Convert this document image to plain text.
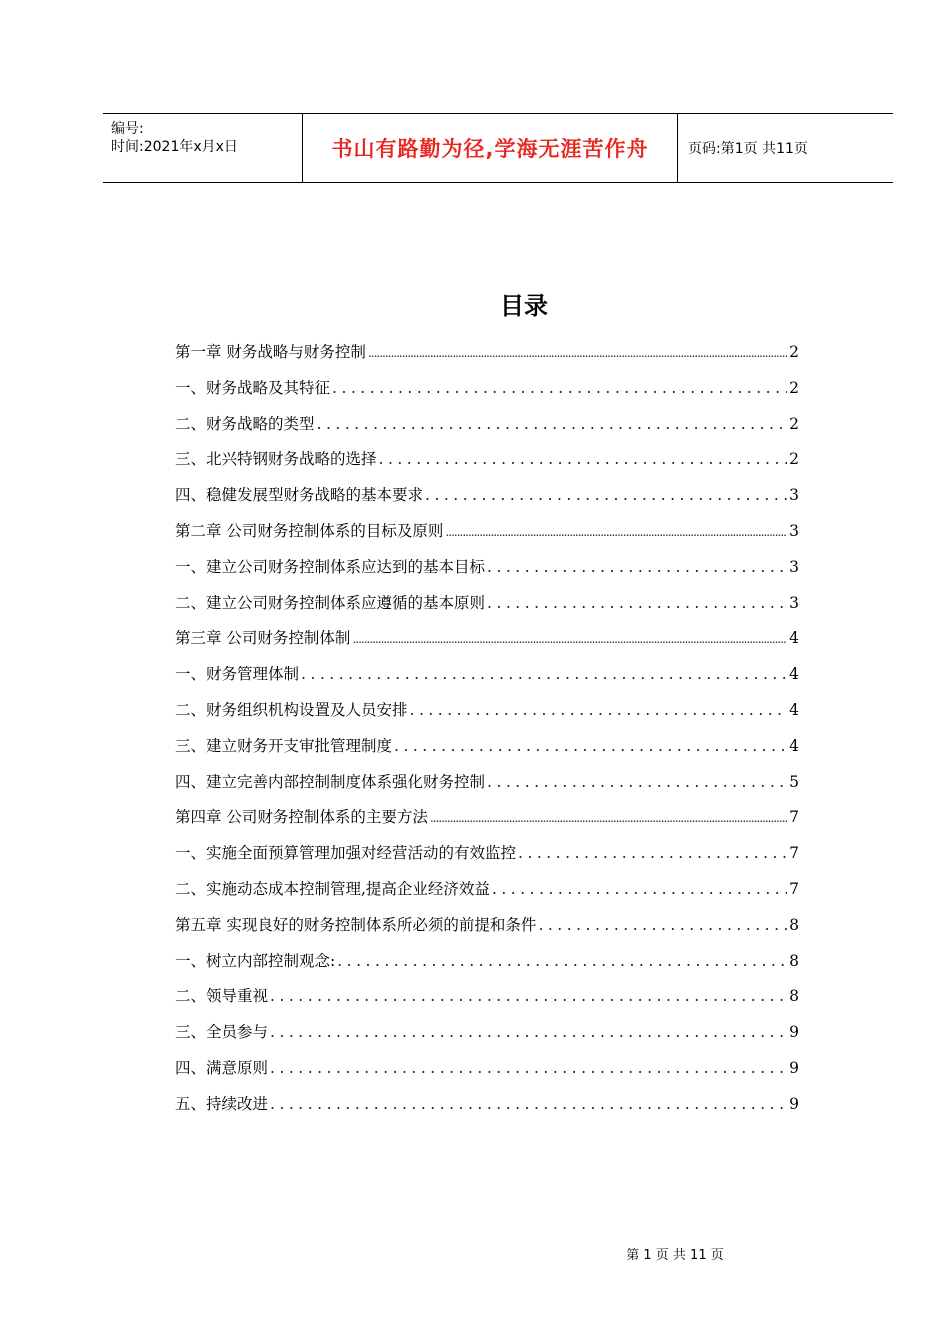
编号:
时间:2021年x月x日	书山有路勤为径,学海无涯苦作舟	页码:第1页 共11页
目录
第一章 财务战略与财务控制 .....	2
一、财务战略及其特征 .....	2
二、财务战略的类型 .....	2
三、北兴特钢财务战略的选择 .....	2
四、稳健发展型财务战略的基本要求 .....	3
第二章 公司财务控制体系的目标及原则 .....	3
一、建立公司财务控制体系应达到的基本目标 .....	3
二、建立公司财务控制体系应遵循的基本原则 .....	3
第三章 公司财务控制体制 .....	4
一、财务管理体制 .....	4
二、财务组织机构设置及人员安排 .....	4
三、建立财务开支审批管理制度 .....	4
四、建立完善内部控制制度体系强化财务控制 .....	5
第四章 公司财务控制体系的主要方法 .....	7
一、实施全面预算管理加强对经营活动的有效监控 .....	7
二、实施动态成本控制管理,提高企业经济效益 .....	7
第五章 实现良好的财务控制体系所必须的前提和条件 .....	8
一、树立内部控制观念: .....	8
二、领导重视 .....	8
三、全员参与 .....	9
四、满意原则 .....	9
五、持续改进 .....	9
第 1 页 共 11 页
